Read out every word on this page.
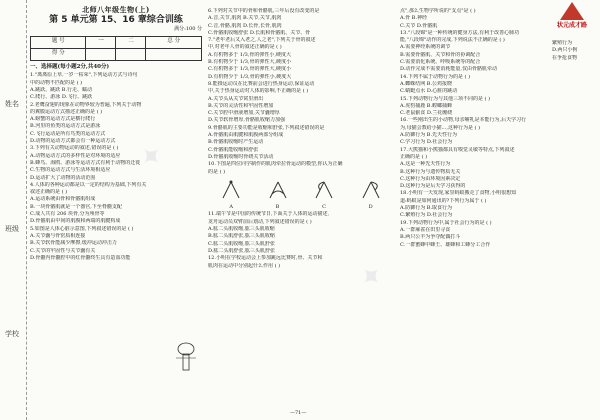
姓名
班级
学校
状元成才路
✦
✦
北师八年级生物(上)
第 5 单元第 15、16 章综合训练
满分:100 分
题 号	一	二	总 分
得 分			
一、选择题(每小题2分,共40分)
1."离离原上草,一岁一枯荣",下列运动方式与诗句
中的动物不匹配的是 ( )
A.跳跃、跳跃 B.行走、蠕动
C.爬行、游泳 D.飞行、跳跃
2.老鹰奋翅的现象在动物界较为普遍,下列关于动物
的翼膜运动方式描述正确的是 ( )
A.螃蟹的运动方式是横行爬行
B.河里的鱼类的运动方式是游泳
C.飞行运动是所有鸟类的运动方式
D.动物的运动方式都会有一种运动方式
3.下列有关动物运动的叙述,错误的是 ( )
A.动物运动方式的多样性是对环境的适应
B.蜂鸟、海鸥、游泳等运动方式有利于动物的迁徙
C.生物的运动方式与生活环境相适应
D.运动扩大了动物的活动范围
4.人体的各种运动都是以一定的结构为基础,下列有关
叙述正确的是 ( )
A.运动系统由骨和骨骼肌组成
B.一块骨骼肌就是一个器官,下至脊髓支配
C.成人共有 206 块骨,分为颅骨等
D.骨骼肌由中间的肌腹和两端的肌腱构成
5.如图是人体心脏示意图,下列叙述错误的是 ( )
A.关节囊与骨密质相连接
B.关节软骨能减少摩擦,缓冲运动冲击力
C.关节的牢固性与关节囊有关
D.骨髓内骨髓腔中的红骨髓终生具有造血功能
6.下列对关节中的骨和骨骼肌,三年后没有改变的是
A.音,关节,肌肉 B.关节,关节,肌肉
C.音,骨骼,肌肉 D.长骨,长骨,肌肉
C.骨骼肌收缩舒张 D.长肌和骨骼肌、关节、骨
7."老年老后又入老之,人之老",下列关于骨的叙述
中,对老年人骨的叙述正确的是 ( )
A.有机物多于 1/3,骨的弹性小,硬度大
B.有机物少于 1/3,骨的弹性大,硬度小
C.有机物多于 1/3,骨的弹性大,硬度小
D.有机物少于 1/3,骨的弹性小,硬度大
8.能摄运动员在比赛前会进行热身运动,保证运动
中,关于热身运动对人体的影响,不正确的是 ( )
A.关节头从关节窝里滑出
B.关节的灵活性和牢固性增加
C.关节腔中滑液增加,关节囊增厚
D.关节软骨增厚,骨骼肌收缩力加强
9.骨骼肌的主要功能是收缩和舒张,下列叙述错误的是
A.骨骼肌由肌腱和肌腹两部分组成
B.骨骼肌收缩时产生运动
C.骨骼肌能收缩和舒张
D.骨骼肌收缩时骨绕关节活动
10.下图是四位同学制作的肌肉牵拉骨运动的模型,你认为正确
的是 ( )
A	B	C	D
11.端午节是中国的传统节日,下面关于人体的运动描述,
龙舟运动员双臂前后划动,下列叙述错误的是 ( )
A.肱二头肌收缩,肱三头肌收缩
B.肱二头肌舒张,肱三头肌收缩
C.肱二头肌收缩,肱三头肌舒张
D.肱二头肌舒张,肱三头肌舒张
12.小明在学校运动会上参加跳远比赛时,骨、关节和
肌肉在运动中分别起什么作用 ( )
点",那么生物学所说的"支点"是 ( )
A.骨 B.神经
C.关节 D.骨骼肌
13."八段锦"是一种传统的健身方法,有利于改善心肺功
能,"八段锦"动作的完成,下列说法不正确的是 ( )
A.需要神经系统的调节
B.需要骨骼肌、关节和骨的协调配合
C.需要消化系统、呼吸系统等的配合
D.动作完成不需要消耗能量,仅由骨骼肌牵动
14.下列不属于动物行为的是 ( )
A.蜘蛛结网 B.公鸡报晓
C.蜻蜓点水 D.心脏的跳动
15.下列动物行为与其他三项不同的是 ( )
A.虎豹捕鹿 B.螳螂捕蝉
C.老鼠偷食 D.兰花缠绕
16.一些刚出生的小动物,母亲哺乳是本能行为,后天学习行
为,母猫会教给小猫...,这种行为是 ( )
A.防御行为 B.先天性行为
C.学习行为 D.社会行为
17.大熊猫和小熊猫都具有嗅觉灵敏等特点,下列叙述
正确的是 ( )
A.这是一种先天性行为
B.这种行为与遗传物质无关
C.这种行为由环境因素决定
D.这种行为是后天学习获得的
18.小明有一天发现,家里蚂蚁搬走了食物,小明很想知
道:蚂蚁是如何通讯的?下列行为属于 ( )
A.防御行为 B.取食行为
C.繁殖行为 D.社会行为
19.下列动物行为中,属于社会行为的是 ( )
A.一群麻雀在田里寻食
B.两只公羊为争夺配偶打斗
C.一群蜜蜂中蜂王、雄蜂和工蜂分工合作
繁殖行为
D.两只小狗
在争抢食物
—71—
